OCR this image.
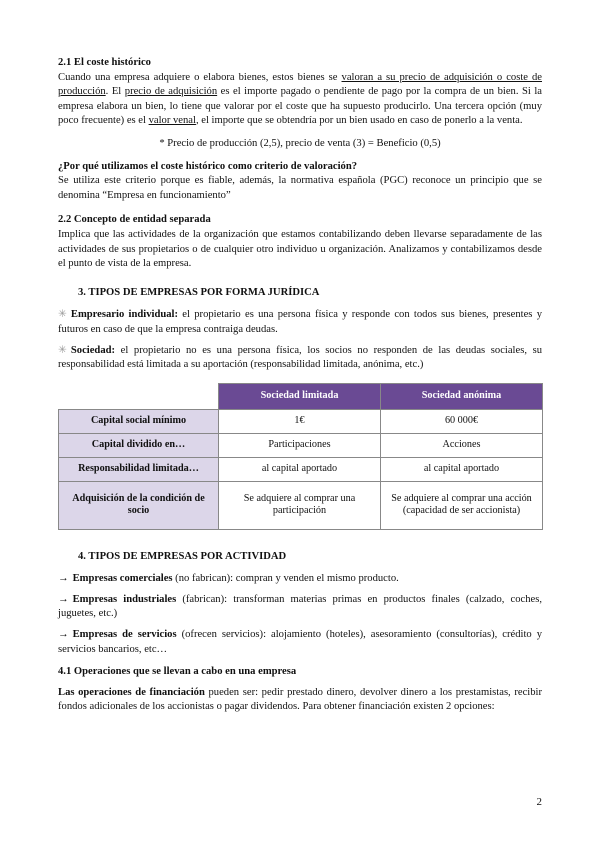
2.1 El coste histórico

Cuando una empresa adquiere o elabora bienes, estos bienes se valoran a su precio de adquisición o coste de producción. El precio de adquisición es el importe pagado o pendiente de pago por la compra de un bien. Si la empresa elabora un bien, lo tiene que valorar por el coste que ha supuesto producirlo. Una tercera opción (muy poco frecuente) es el valor venal, el importe que se obtendría por un bien usado en caso de ponerlo a la venta.

* Precio de producción (2,5), precio de venta (3) = Beneficio (0,5)

¿Por qué utilizamos el coste histórico como criterio de valoración?

Se utiliza este criterio porque es fiable, además, la normativa española (PGC) reconoce un principio que se denomina “Empresa en funcionamiento”

2.2 Concepto de entidad separada

Implica que las actividades de la organización que estamos contabilizando deben llevarse separadamente de las actividades de sus propietarios o de cualquier otro individuo u organización. Analizamos y contabilizamos desde el punto de vista de la empresa.

3. TIPOS DE EMPRESAS POR FORMA JURÍDICA

✳ Empresario individual: el propietario es una persona física y responde con todos sus bienes, presentes y futuros en caso de que la empresa contraiga deudas.

✳ Sociedad: el propietario no es una persona física, los socios no responden de las deudas sociales, su responsabilidad está limitada a su aportación (responsabilidad limitada, anónima, etc.)

	Sociedad limitada	Sociedad anónima
Capital social mínimo	1€	60 000€
Capital dividido en…	Participaciones	Acciones
Responsabilidad limitada…	al capital aportado	al capital aportado
Adquisición de la condición de socio	Se adquiere al comprar una participación	Se adquiere al comprar una acción (capacidad de ser accionista)

4. TIPOS DE EMPRESAS POR ACTIVIDAD

→ Empresas comerciales (no fabrican): compran y venden el mismo producto.

→ Empresas industriales (fabrican): transforman materias primas en productos finales (calzado, coches, juguetes, etc.)

→ Empresas de servicios (ofrecen servicios): alojamiento (hoteles), asesoramiento (consultorías), crédito y servicios bancarios, etc…

4.1 Operaciones que se llevan a cabo en una empresa

Las operaciones de financiación pueden ser: pedir prestado dinero, devolver dinero a los prestamistas, recibir fondos adicionales de los accionistas o pagar dividendos. Para obtener financiación existen 2 opciones:

2
